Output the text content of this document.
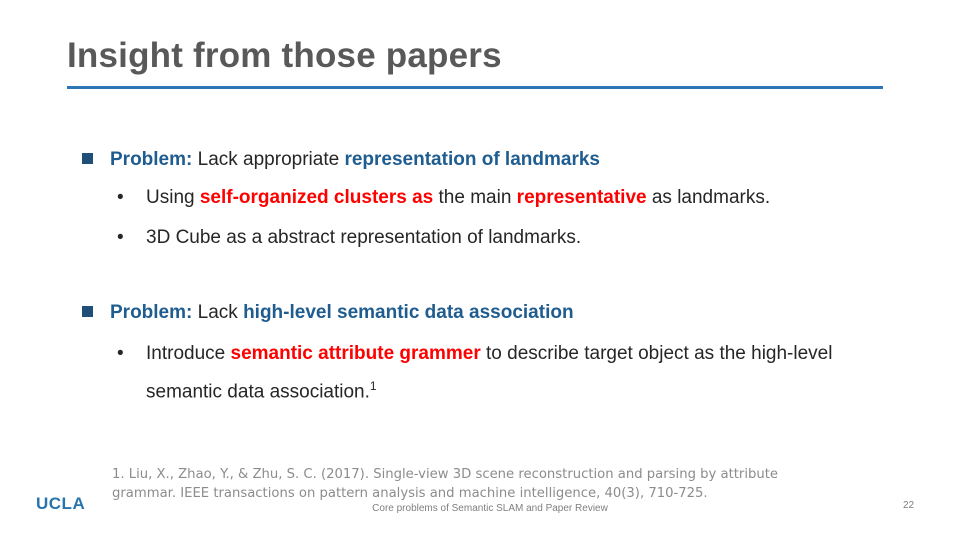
Insight from those papers
Problem: Lack appropriate representation of landmarks
• Using self-organized clusters as the main representative as landmarks.
• 3D Cube as a abstract representation of landmarks.
Problem: Lack high-level semantic data association
• Introduce semantic attribute grammer to describe target object as the high-level
semantic data association.$^1$
1. Liu, X., Zhao, Y., & Zhu, S. C. (2017). Single-view 3D scene reconstruction and parsing by attribute grammar. IEEE transactions on pattern analysis and machine intelligence, 40(3), 710-725.
UCLA	Core problems of Semantic SLAM and Paper Review	22
